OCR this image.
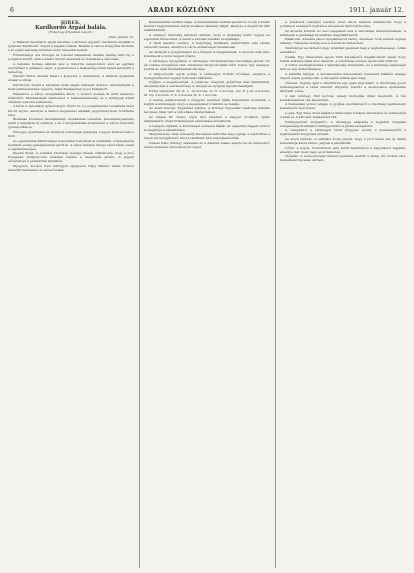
6	ARADI KÖZLÖNY	1911. január 12.
HÍREK.
Kardhordó Árpád halála.
(Főherceg értesítést kapott.)
Arad, január 12.

A Mikszat kastélyból egyik kávéhez s hirtelen egyenlő rendkívül meghalt a gyásszal Kardhordó Árpád a hajnali órában. Halálát a városi közgyűlés hirdette s az egész lakosság körében mély részvétet keltett.

Főméltóságú ura özvegye és rokonai bánatában emléke mindig élni fog a polgárok között, akik a kiváló férfiút szerették és tisztelték a városban.

A temetés holnap délután lesz a minorita templomból, ahol az egyházi szertartást a plébános végzi. A gyászmenet a Szabadság téren halad keresztül a temetőig.

Vasvári Viktor mester kíséri a koporsót a zenekarral, a dalárda gyászdalt énekel a sírnál.

Kardhordó Árpád a hatvanas évek elején született Aradon, tanulmányait a helyi gimnáziumban végezte, majd Budapesten jogot hallgatott.

Hazatérve a város szolgálatába állott, s hosszú éveken át mint tanácsos működött. Munkásságát mindenkor a lelkiismeretesség és a közügyek iránti önzetlen szeretet jellemezte.

A hírre a városháza gyászlobogót tűzött ki, s a polgármester rendkívüli ülést hívott egybe, amelyen a tanács kegyeletes emlékét jegyzőkönyvben örökítette meg.

Bizalmas köreiben fáradhatatlan munkásnak ismerték. Kezdeményezésére épült a népiskola új szárnya, s az ő buzgalmának köszönhető a városi könyvtár gyarapodása is.

Özvegye, gyermekei és kiterjedt rokonsága gyászolja. Legyen könnyű neki a föld!

Az egyesületek küldöttségei koszorúkat helyeztek el ravatalán, a kereskedők testülete pedig gyászjelentést adott ki. A város minden rétege részt kíván venni a végtisztességen.

Kisebb hírek. A színházi bizottság tegnapi ülésén elhatározta, hogy a jövő hónapban jótékonycélú előadást rendez a szegények javára. A jegyek elővételben a pénztárnál kaphatók.

Eljegyzés. Kovács Irén úrhölgyet eljegyezte Nagy Sándor tanár. Ezúton értesítik barátaikat és ismerőseiket.

Kereskedelmi testület bálja. A kereskedelmi testület január hó 21-én a Fehér Kereszt nagytermében tartja szokásos farsangi bálját, amelyre a meghívók már szétküldettek.

A rendező bizottság mindent elkövet, hogy a mulatság méltó legyen az egyesület hírnevéhez. A zenét a katonai zenekar szolgáltatja.

A tiszti kaszinó estélye. A helyőrség tisztikara csütörtökön este társas vacsorát rendez, amelyre a város előkelőségei hivatalosak.

Az estélyen a polgármester és a főispán is megjelennek. A vacsora után tánc következik a kora reggeli órákig.

A vármegye közgyűlése. A vármegye törvényhatósági bizottsága január 18-án rendes közgyűlést tart, amelynek tárgysorozatán több fontos ügy szerepel, köztük az utak fenntartásának kérdése.

A tárgysorozat egyik pontja a vármegyei kórház bővítése, amelyre a belügyminiszter segélyt helyezett kilátásba.

Gyűjtés a szegényeknek. A jótékony nőegylet gyűjtőívei már kiküldettek. Adományokat a szerkesztőség is elfogad és nyugtáz lapunk hasábjain.

Eddig befolytak: Dr. K. L. 10 korona, N. N. 5 korona, özv. F. J.-né 4 korona, M. Gy. 2 korona, T. S. 2 korona, B. A. 1 korona.

A nemes adakozóknak a nőegylet nevében hálás köszönetet mondunk, s kérjük a közönséget, hogy a szegényeket továbbra se feledje.

Az aradi Kölcsey Egyesület estélye. A Kölcsey Egyesület vasárnap délután felolvasó ülést tart a városháza dísztermében.

Az ülésen Dr. Szabó Lajos tart előadást a magyar irodalom újabb áramlatairól, majd költemények elszavalása következik.

A belépés díjtalan, a közönséget szívesen látják. Az egyesület tagjait ezúton is meghívja a választmány.

Menyasszony. Szép ünnepély keretében tartották meg tegnap a népkörben a tagok évi közgyűlését, ahol a tisztikart újra megválasztották.

Nemes Kató úrhölgy szavalata és a dalárda éneke fejezte be az ünnepélyt, amely kedélyes vacsorával ért véget.

A pohárnok vendéglő bérlete. Arad város tanácsa elhatározta, hogy a pohárnok vendéglőt nyilvános árverésen újból bérbe adja.

Az árverés február hó első napjaiban lesz a városháza tanácstermében. A feltételek a gazdasági hivatalban megtekinthetők.

Halálozás. Kraszna János nyugalmazott tanító, életének 72-ik évében tegnap elhunyt. Temetése holnap lesz a belvárosi temetőben.

Tanítványai és tisztelői nagy számban jelennek meg a végtisztességen. Áldás emlékére!

Csalás. Egy ismeretlen egyén több kereskedőt megkárosított azzal, hogy hamis utalványokkal árut vásárolt. A rendőrség erélyes nyomozást indított.

A tettes személyleírását a kapitányság közzétette, és a közönség segítségét kéri az ügy felderítésében.

A kiállítás tárgyai. A kereskedelmi múzeumban rendezett kiállítás anyaga napról napra gyarapodik. A látogatók száma igen nagy.

Tűzeset. Tegnap éjjel a Vásártéren egy pajta kigyulladt. A tűzoltóság gyors közbelépésével a tüzet sikerült elfojtani, mielőtt a szomszédos épületekre átterjedt volna.

A kár mintegy 800 korona, amely biztosítás útján megtérül. A tűz keletkezésének oka ismeretlen.

A Szabadság szobor alapja. A gyűjtés eredményéről a bizottság legközelebb beszámolót tesz közzé.

Lopás. Egy Szép utcai lakásból ismeretlen tolvajok ékszereket és ruhaneműt loptak el. A károsult feljelentést tett.

Felfüggesztett szolgabíró. A vármegye alispánja a fegyelmi vizsgálat befejezéséig hivatalától felfüggesztette a járási szolgabírót.

A vizsgálatot a vármegyei tiszti főügyész vezeti, s eredményéről a legközelebbi közgyűlés értesül.

Az aradi színház. A színházi iroda jelenti, hogy a jövő héten két új darab bemutatója kerül színre. Jegyek a pénztárnál.

Lőrinc a fogoly. Csütörtökön este kerül bemutatóra a nagysikerű vígjáték, amelyre már most nagy az érdeklődés.

Időjárás. A meteorológiai intézet jelentése szerint a hideg idő tovább tart, helyenként havazás várható.
